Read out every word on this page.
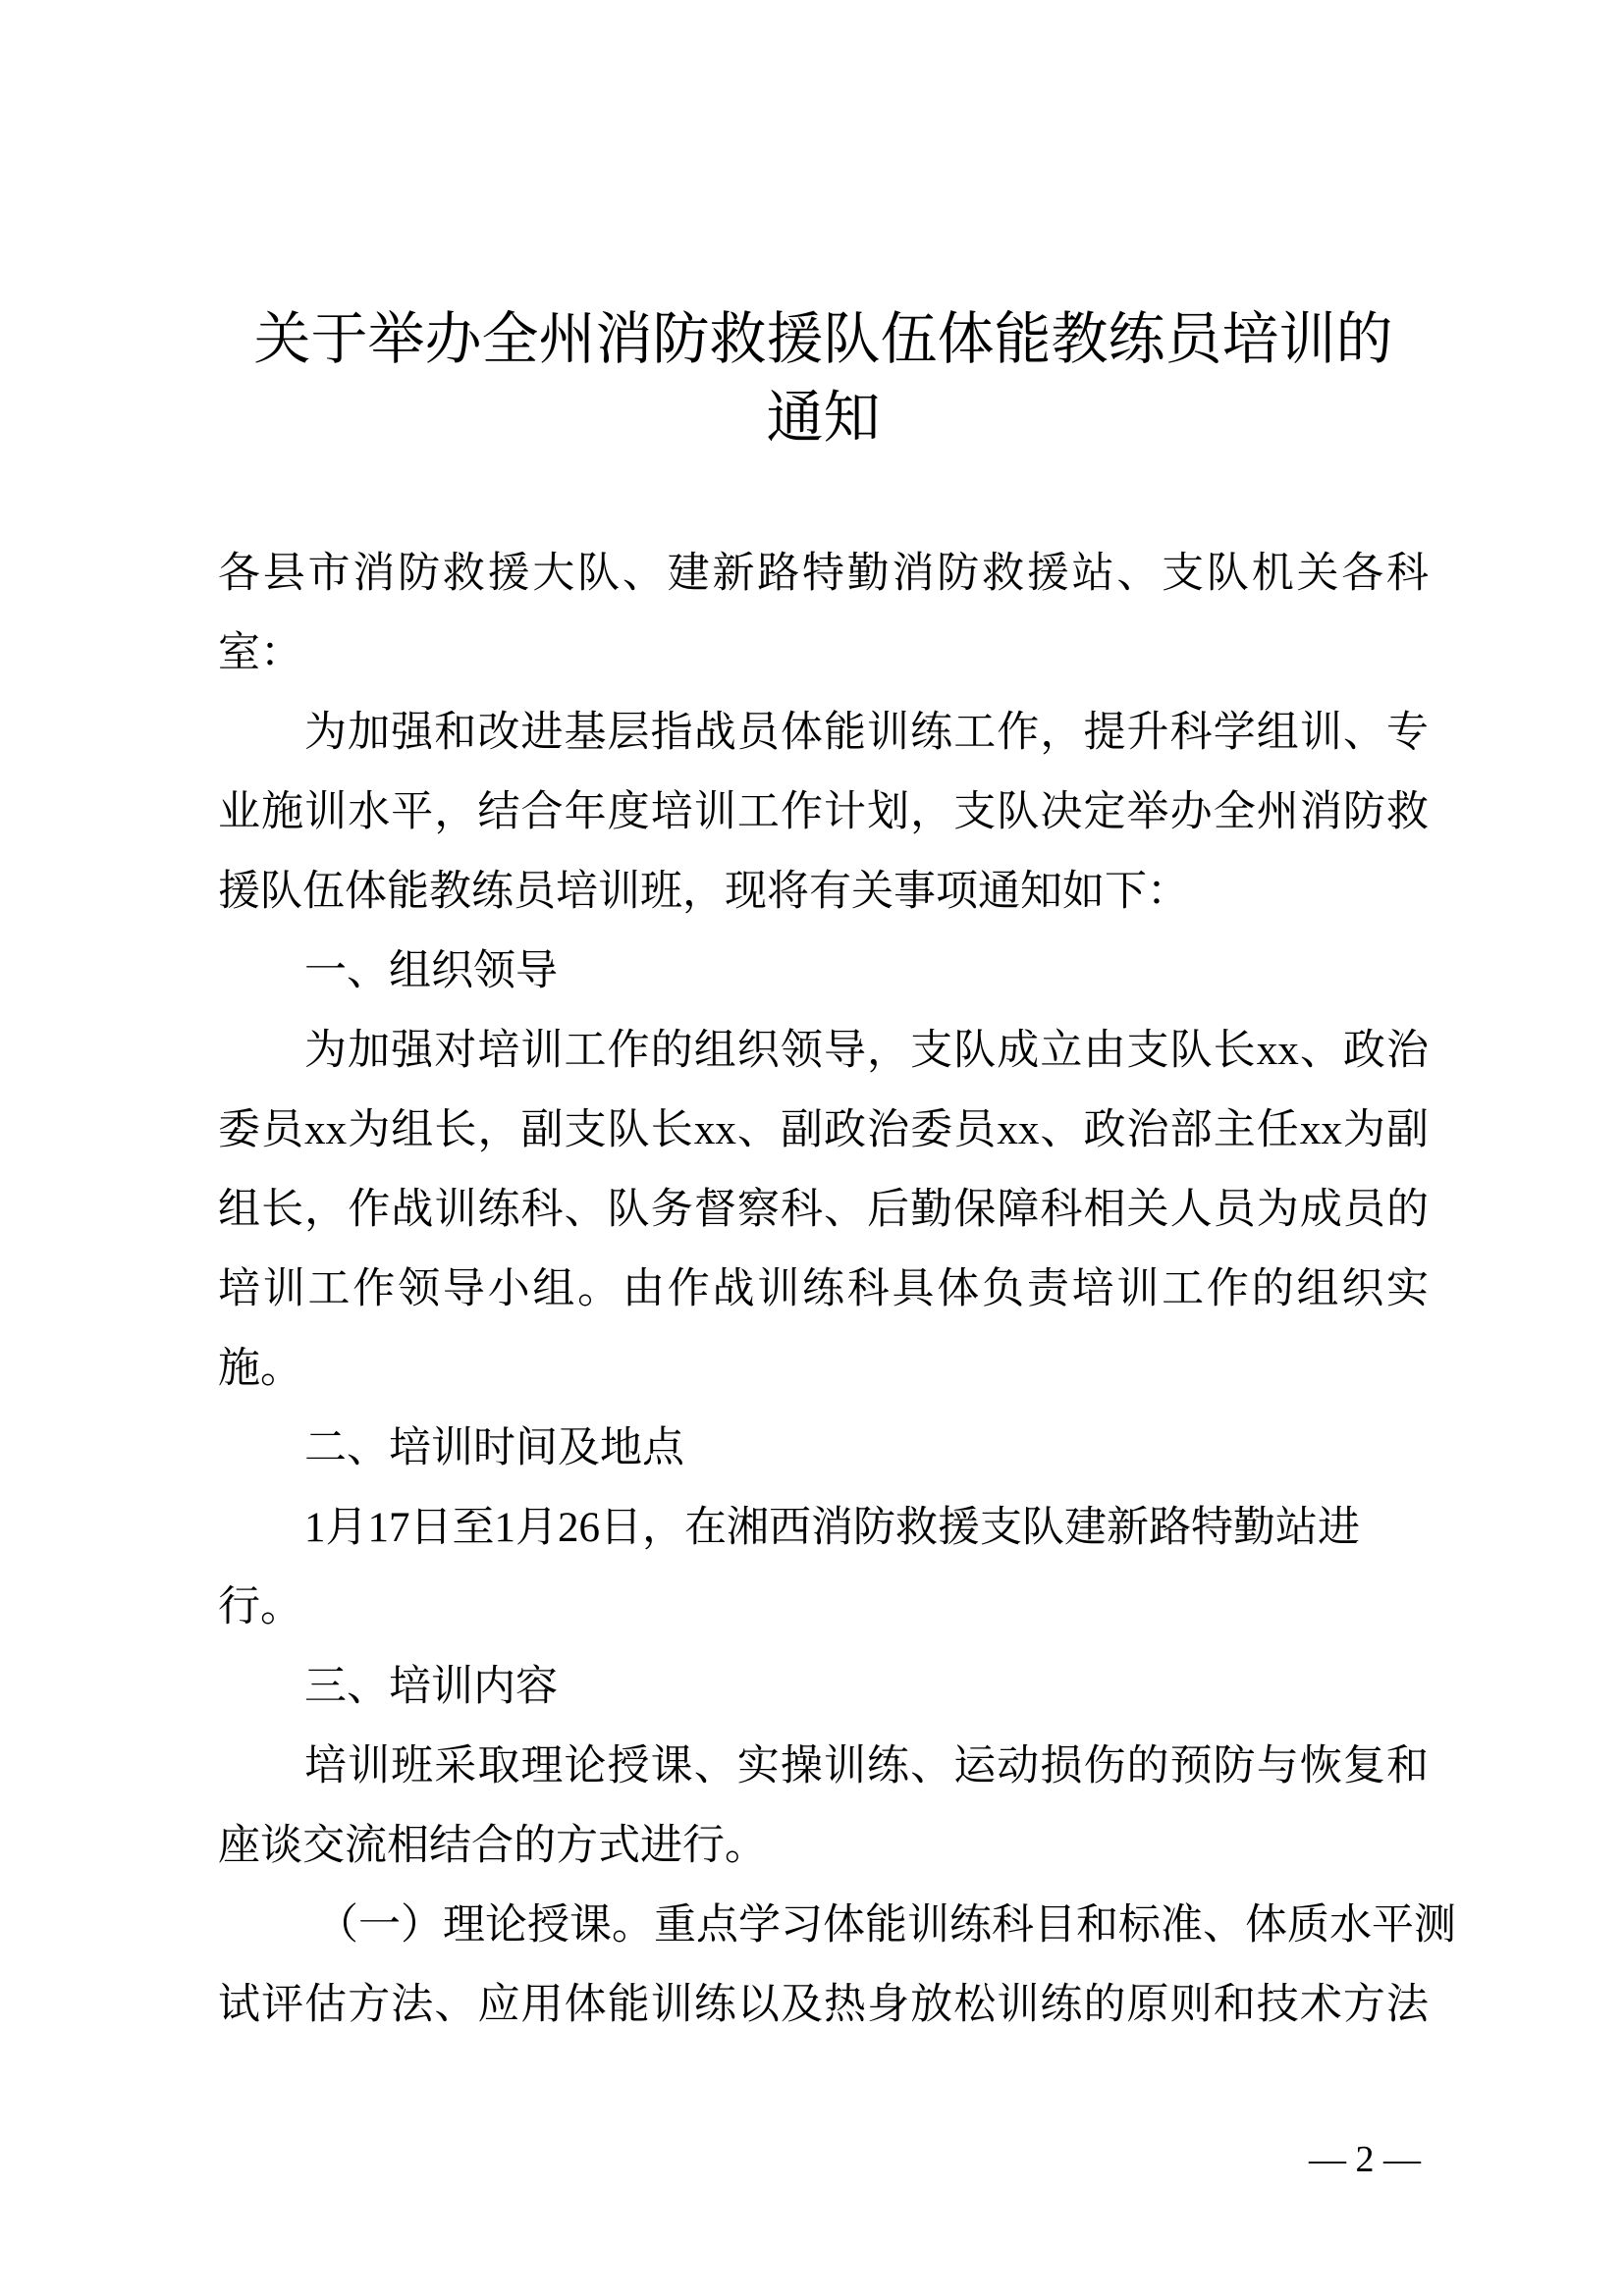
关于举办全州消防救援队伍体能教练员培训的
通知
各县市消防救援大队、建新路特勤消防救援站、支队机关各科
室：
为加强和改进基层指战员体能训练工作，提升科学组训、专
业施训水平，结合年度培训工作计划，支队决定举办全州消防救
援队伍体能教练员培训班，现将有关事项通知如下：
一、组织领导
为加强对培训工作的组织领导，支队成立由支队长xx、政治
委员xx为组长，副支队长xx、副政治委员xx、政治部主任xx为副
组长，作战训练科、队务督察科、后勤保障科相关人员为成员的
培训工作领导小组。由作战训练科具体负责培训工作的组织实
施。
二、培训时间及地点
1月17日至1月26日，在湘西消防救援支队建新路特勤站进
行。
三、培训内容
培训班采取理论授课、实操训练、运动损伤的预防与恢复和
座谈交流相结合的方式进行。
（一）理论授课。重点学习体能训练科目和标准、体质水平测
试评估方法、应用体能训练以及热身放松训练的原则和技术方法
— 2 —
